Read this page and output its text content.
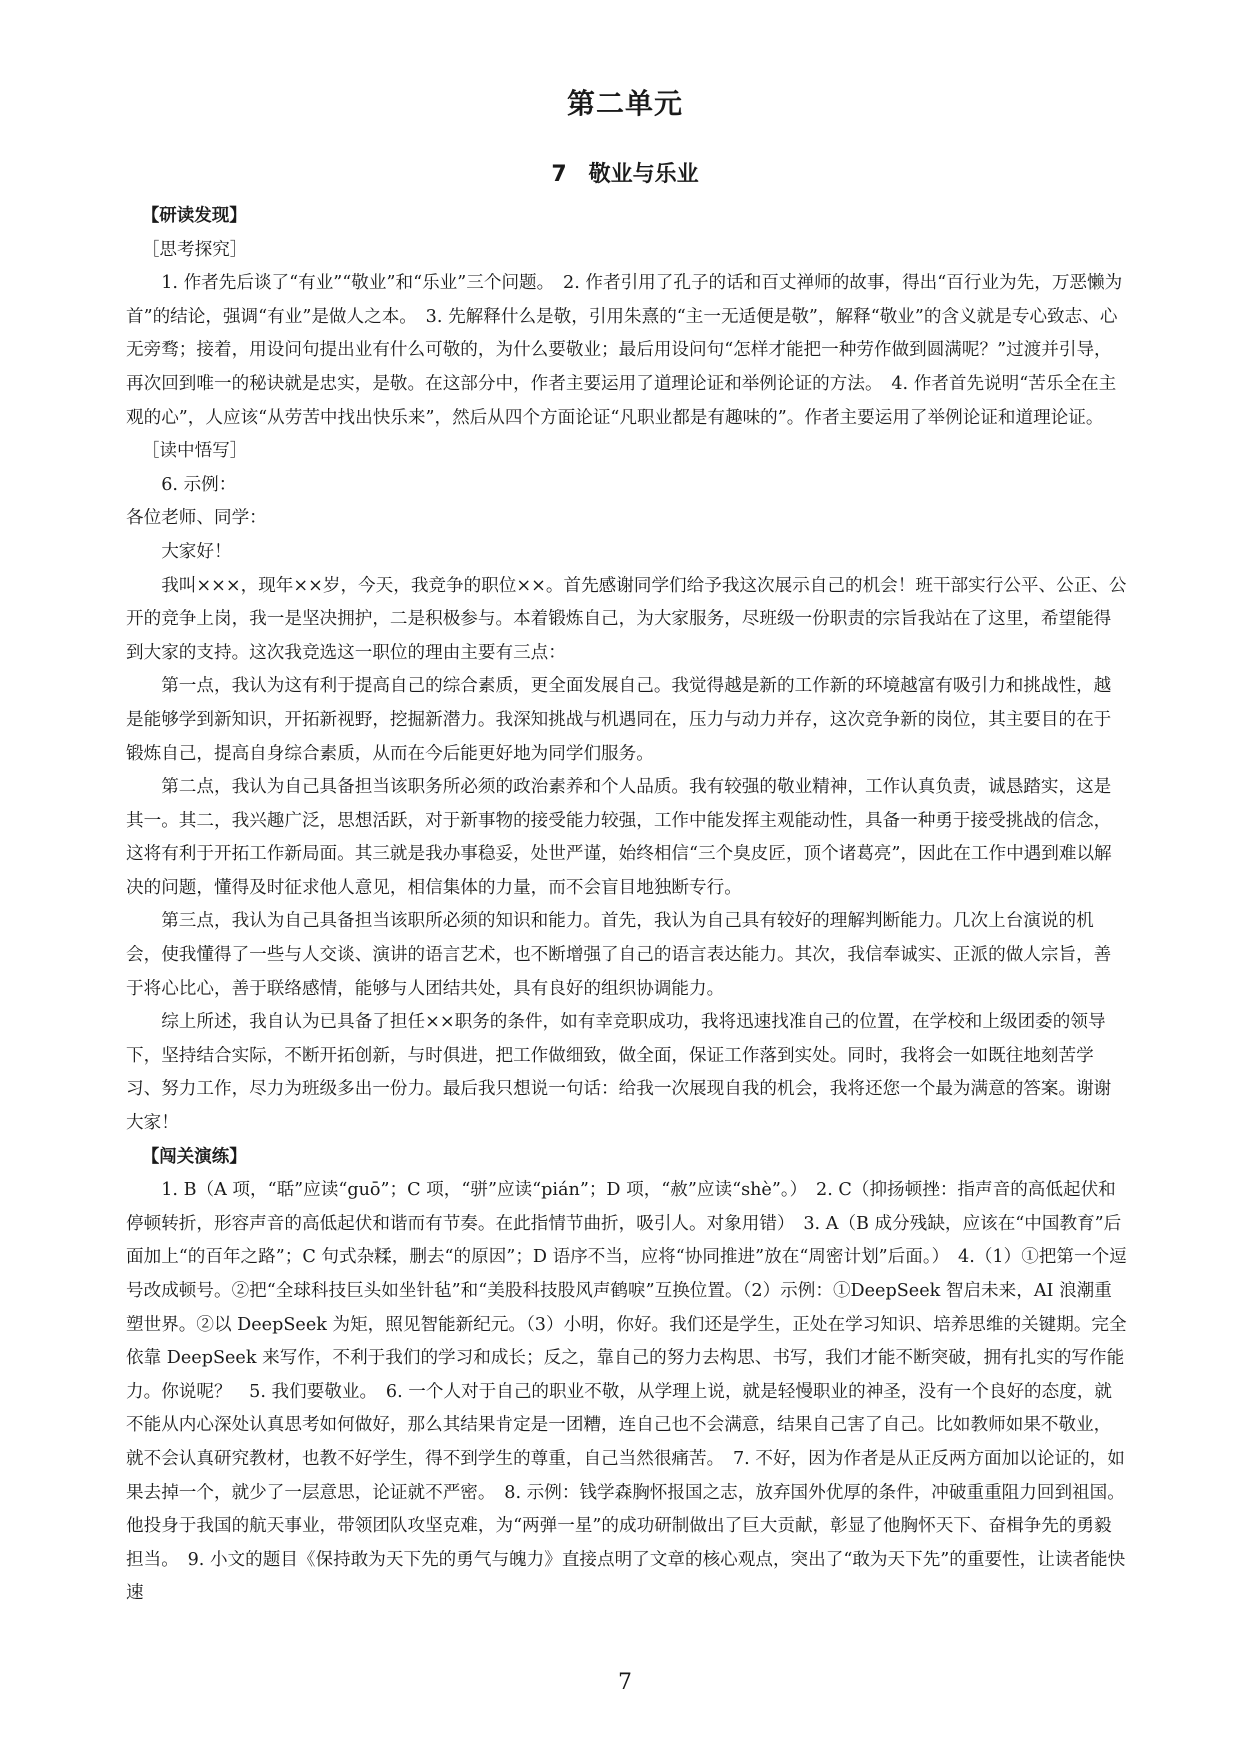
第二单元
7 敬业与乐业

【研读发现】

［思考探究］

1. 作者先后谈了“有业”“敬业”和“乐业”三个问题。　2. 作者引用了孔子的话和百丈禅师的故事，得出“百行业为先，万恶懒为首”的结论，强调“有业”是做人之本。　3. 先解释什么是敬，引用朱熹的“主一无适便是敬”，解释“敬业”的含义就是专心致志、心无旁骛；接着，用设问句提出业有什么可敬的，为什么要敬业；最后用设问句“怎样才能把一种劳作做到圆满呢？”过渡并引导，再次回到唯一的秘诀就是忠实，是敬。在这部分中，作者主要运用了道理论证和举例论证的方法。　4. 作者首先说明“苦乐全在主观的心”，人应该“从劳苦中找出快乐来”，然后从四个方面论证“凡职业都是有趣味的”。作者主要运用了举例论证和道理论证。

［读中悟写］

6. 示例：

各位老师、同学：

大家好！

我叫×××，现年××岁，今天，我竞争的职位××。首先感谢同学们给予我这次展示自己的机会！班干部实行公平、公正、公开的竞争上岗，我一是坚决拥护，二是积极参与。本着锻炼自己，为大家服务，尽班级一份职责的宗旨我站在了这里，希望能得到大家的支持。这次我竞选这一职位的理由主要有三点：

第一点，我认为这有利于提高自己的综合素质，更全面发展自己。我觉得越是新的工作新的环境越富有吸引力和挑战性，越是能够学到新知识，开拓新视野，挖掘新潜力。我深知挑战与机遇同在，压力与动力并存，这次竞争新的岗位，其主要目的在于锻炼自己，提高自身综合素质，从而在今后能更好地为同学们服务。

第二点，我认为自己具备担当该职务所必须的政治素养和个人品质。我有较强的敬业精神，工作认真负责，诚恳踏实，这是其一。其二，我兴趣广泛，思想活跃，对于新事物的接受能力较强，工作中能发挥主观能动性，具备一种勇于接受挑战的信念，这将有利于开拓工作新局面。其三就是我办事稳妥，处世严谨，始终相信“三个臭皮匠，顶个诸葛亮”，因此在工作中遇到难以解决的问题，懂得及时征求他人意见，相信集体的力量，而不会盲目地独断专行。

第三点，我认为自己具备担当该职所必须的知识和能力。首先，我认为自己具有较好的理解判断能力。几次上台演说的机会，使我懂得了一些与人交谈、演讲的语言艺术，也不断增强了自己的语言表达能力。其次，我信奉诚实、正派的做人宗旨，善于将心比心，善于联络感情，能够与人团结共处，具有良好的组织协调能力。

综上所述，我自认为已具备了担任××职务的条件，如有幸竞职成功，我将迅速找准自己的位置，在学校和上级团委的领导下，坚持结合实际，不断开拓创新，与时俱进，把工作做细致，做全面，保证工作落到实处。同时，我将会一如既往地刻苦学习、努力工作，尽力为班级多出一份力。最后我只想说一句话：给我一次展现自我的机会，我将还您一个最为满意的答案。谢谢大家！

【闯关演练】

1. B（A 项，“聒”应读“guō”；C 项，“骈”应读“pián”；D 项，“赦”应读“shè”。）　2. C（抑扬顿挫：指声音的高低起伏和停顿转折，形容声音的高低起伏和谐而有节奏。在此指情节曲折，吸引人。对象用错）　3. A（B 成分残缺，应该在“中国教育”后面加上“的百年之路”；C 句式杂糅，删去“的原因”；D 语序不当，应将“协同推进”放在“周密计划”后面。）　4.（1）①把第一个逗号改成顿号。②把“全球科技巨头如坐针毡”和“美股科技股风声鹤唳”互换位置。（2）示例：①DeepSeek 智启未来，AI 浪潮重塑世界。②以 DeepSeek 为矩，照见智能新纪元。（3）小明，你好。我们还是学生，正处在学习知识、培养思维的关键期。完全依靠 DeepSeek 来写作，不利于我们的学习和成长；反之，靠自己的努力去构思、书写，我们才能不断突破，拥有扎实的写作能力。你说呢？　5. 我们要敬业。　6. 一个人对于自己的职业不敬，从学理上说，就是轻慢职业的神圣，没有一个良好的态度，就不能从内心深处认真思考如何做好，那么其结果肯定是一团糟，连自己也不会满意，结果自己害了自己。比如教师如果不敬业，就不会认真研究教材，也教不好学生，得不到学生的尊重，自己当然很痛苦。　7. 不好，因为作者是从正反两方面加以论证的，如果去掉一个，就少了一层意思，论证就不严密。　8. 示例：钱学森胸怀报国之志，放弃国外优厚的条件，冲破重重阻力回到祖国。他投身于我国的航天事业，带领团队攻坚克难，为“两弹一星”的成功研制做出了巨大贡献，彰显了他胸怀天下、奋楫争先的勇毅担当。　9. 小文的题目《保持敢为天下先的勇气与魄力》直接点明了文章的核心观点，突出了“敢为天下先”的重要性，让读者能快速

7
